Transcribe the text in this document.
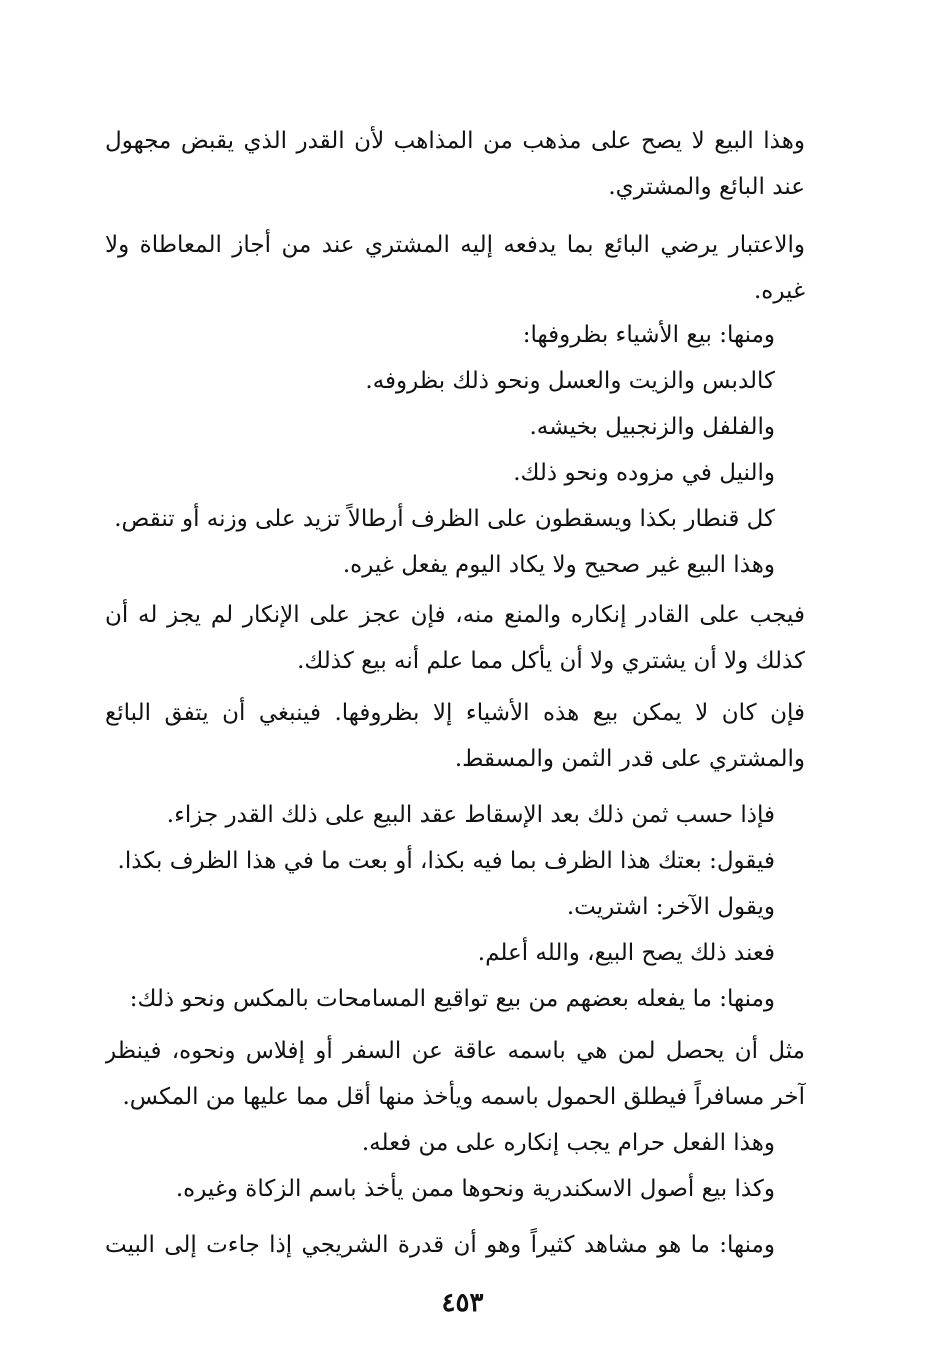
وهذا البيع لا يصح على مذهب من المذاهب لأن القدر الذي يقبض مجهول
عند البائع والمشتري.
والاعتبار يرضي البائع بما يدفعه إليه المشتري عند من أجاز المعاطاة ولا
غيره.
ومنها: بيع الأشياء بظروفها:
كالدبس والزيت والعسل ونحو ذلك بظروفه.
والفلفل والزنجبيل بخيشه.
والنيل في مزوده ونحو ذلك.
كل قنطار بكذا ويسقطون على الظرف أرطالاً تزيد على وزنه أو تنقص.
وهذا البيع غير صحيح ولا يكاد اليوم يفعل غيره.
فيجب على القادر إنكاره والمنع منه، فإن عجز على الإنكار لم يجز له أن
كذلك ولا أن يشتري ولا أن يأكل مما علم أنه بيع كذلك.
فإن كان لا يمكن بيع هذه الأشياء إلا بظروفها. فينبغي أن يتفق البائع
والمشتري على قدر الثمن والمسقط.
فإذا حسب ثمن ذلك بعد الإسقاط عقد البيع على ذلك القدر جزاء.
فيقول: بعتك هذا الظرف بما فيه بكذا، أو بعت ما في هذا الظرف بكذا.
ويقول الآخر: اشتريت.
فعند ذلك يصح البيع، والله أعلم.
ومنها: ما يفعله بعضهم من بيع تواقيع المسامحات بالمكس ونحو ذلك:
مثل أن يحصل لمن هي باسمه عاقة عن السفر أو إفلاس ونحوه، فينظر
آخر مسافراً فيطلق الحمول باسمه ويأخذ منها أقل مما عليها من المكس.
وهذا الفعل حرام يجب إنكاره على من فعله.
وكذا بيع أصول الاسكندرية ونحوها ممن يأخذ باسم الزكاة وغيره.
ومنها: ما هو مشاهد كثيراً وهو أن قدرة الشريجي إذا جاءت إلى البيت
٤٥٣
